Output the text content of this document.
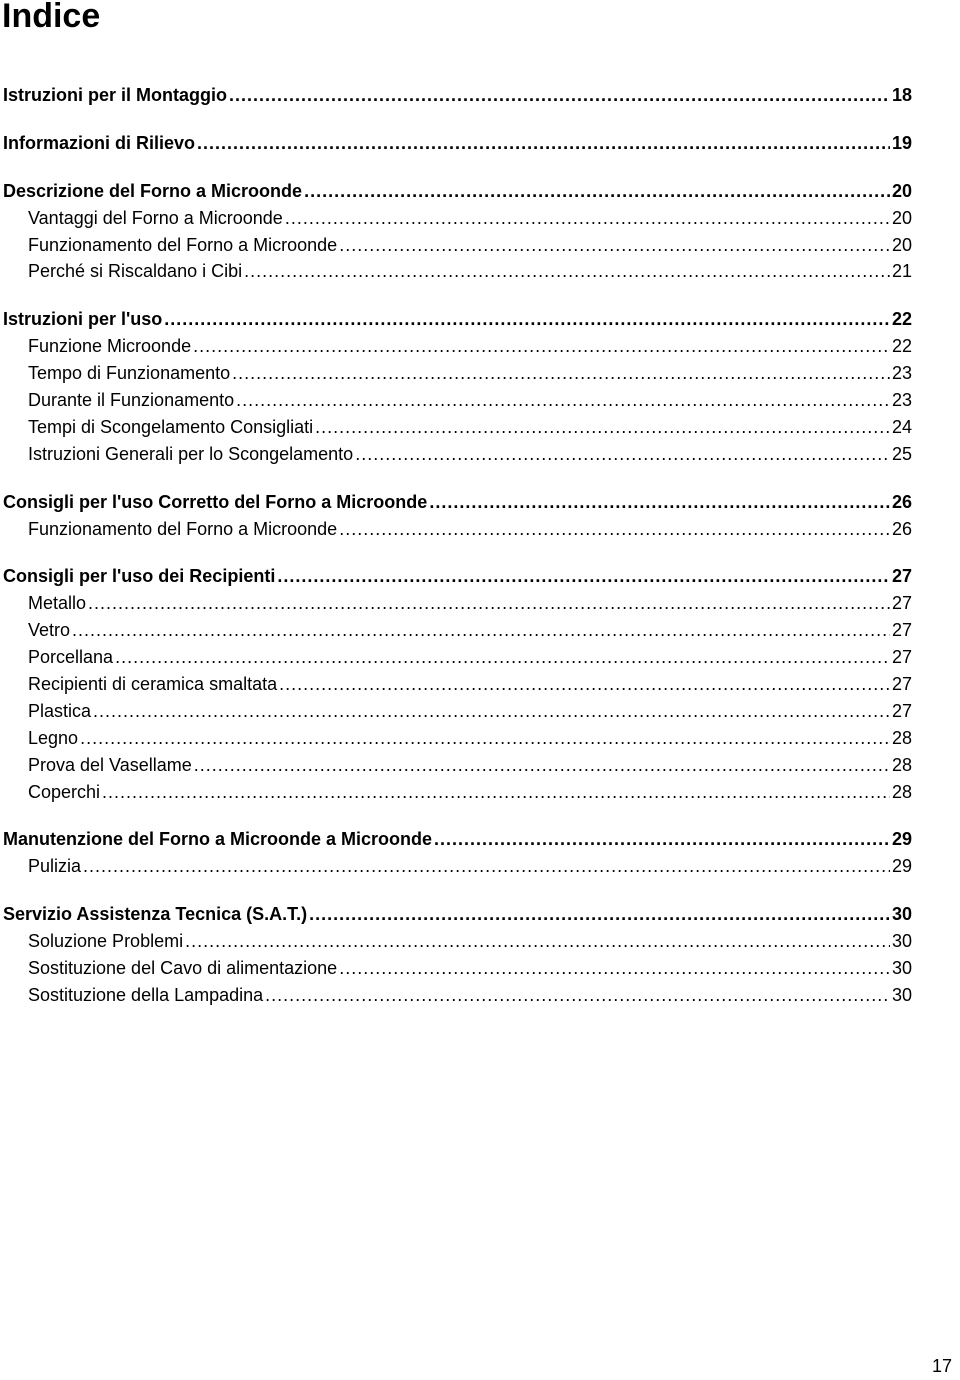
Indice
Istruzioni per il Montaggio .....	18
Informazioni di Rilievo .....	19
Descrizione del Forno a Microonde .....	20
Vantaggi del Forno a Microonde .....	20
Funzionamento del Forno a Microonde .....	20
Perché si Riscaldano i Cibi .....	21
Istruzioni per l'uso .....	22
Funzione Microonde .....	22
Tempo di Funzionamento .....	23
Durante il Funzionamento .....	23
Tempi di Scongelamento Consigliati .....	24
Istruzioni Generali per lo Scongelamento .....	25
Consigli per l'uso Corretto del Forno a Microonde .....	26
Funzionamento del Forno a Microonde .....	26
Consigli per l'uso dei Recipienti .....	27
Metallo .....	27
Vetro .....	27
Porcellana .....	27
Recipienti di ceramica smaltata .....	27
Plastica .....	27
Legno .....	28
Prova del Vasellame .....	28
Coperchi .....	28
Manutenzione del Forno a Microonde a Microonde .....	29
Pulizia .....	29
Servizio Assistenza Tecnica (S.A.T.) .....	30
Soluzione Problemi .....	30
Sostituzione del Cavo di alimentazione .....	30
Sostituzione della Lampadina .....	30
17
